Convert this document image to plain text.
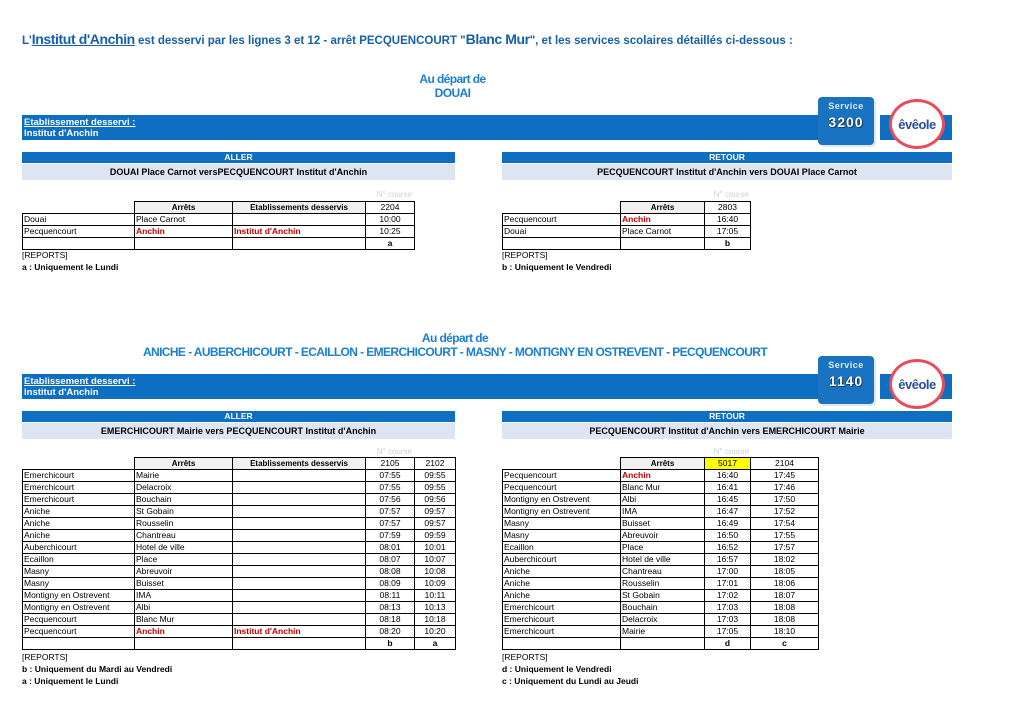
L'Institut d'Anchin est desservi par les lignes 3 et 12 - arrêt PECQUENCOURT "Blanc Mur", et les services scolaires détaillés ci-dessous :
Au départ de
DOUAI
Etablissement desservi :
Institut d'Anchin
Service
3200	êvêole
ALLER
DOUAI Place Carnot versPECQUENCOURT Institut d'Anchin
N° course
	Arrêts	Etablissements desservis	2204
Douai	Place Carnot		10:00
Pecquencourt	Anchin	Institut d'Anchin	10:25
			a
[REPORTS]
a : Uniquement le Lundi
RETOUR
PECQUENCOURT Institut d'Anchin vers DOUAI Place Carnot
N° course
	Arrêts	2803
Pecquencourt	Anchin	16:40
Douai	Place Carnot	17:05
		b
[REPORTS]
b : Uniquement le Vendredi
Au départ de
ANICHE - AUBERCHICOURT - ECAILLON - EMERCHICOURT - MASNY - MONTIGNY EN OSTREVENT - PECQUENCOURT
Etablissement desservi :
Institut d'Anchin
Service
1140	êvêole
ALLER
EMERCHICOURT Mairie vers PECQUENCOURT Institut d'Anchin
N° course
	Arrêts	Etablissements desservis	2105	2102
Emerchicourt	Mairie		07:55	09:55
Emerchicourt	Delacroix		07:55	09:55
Emerchicourt	Bouchain		07:56	09:56
Aniche	St Gobain		07:57	09:57
Aniche	Rousselin		07:57	09:57
Aniche	Chantreau		07:59	09:59
Auberchicourt	Hotel de ville		08:01	10:01
Ecaillon	Place		08:07	10:07
Masny	Abreuvoir		08:08	10:08
Masny	Buisset		08:09	10:09
Montigny en Ostrevent	IMA		08:11	10:11
Montigny en Ostrevent	Albi		08:13	10:13
Pecquencourt	Blanc Mur		08:18	10:18
Pecquencourt	Anchin	Institut d'Anchin	08:20	10:20
			b	a
[REPORTS]
b : Uniquement du Mardi au Vendredi
a : Uniquement le Lundi
RETOUR
PECQUENCOURT Institut d'Anchin vers EMERCHICOURT Mairie
N° course
	Arrêts	5017	2104
Pecquencourt	Anchin	16:40	17:45
Pecquencourt	Blanc Mur	16:41	17:46
Montigny en Ostrevent	Albi	16:45	17:50
Montigny en Ostrevent	IMA	16:47	17:52
Masny	Buisset	16:49	17:54
Masny	Abreuvoir	16:50	17:55
Ecaillon	Place	16:52	17:57
Auberchicourt	Hotel de ville	16:57	18:02
Aniche	Chantreau	17:00	18:05
Aniche	Rousselin	17:01	18:06
Aniche	St Gobain	17:02	18:07
Emerchicourt	Bouchain	17:03	18:08
Emerchicourt	Delacroix	17:03	18:08
Emerchicourt	Mairie	17:05	18:10
		d	c
[REPORTS]
d : Uniquement le Vendredi
c : Uniquement du Lundi au Jeudi
